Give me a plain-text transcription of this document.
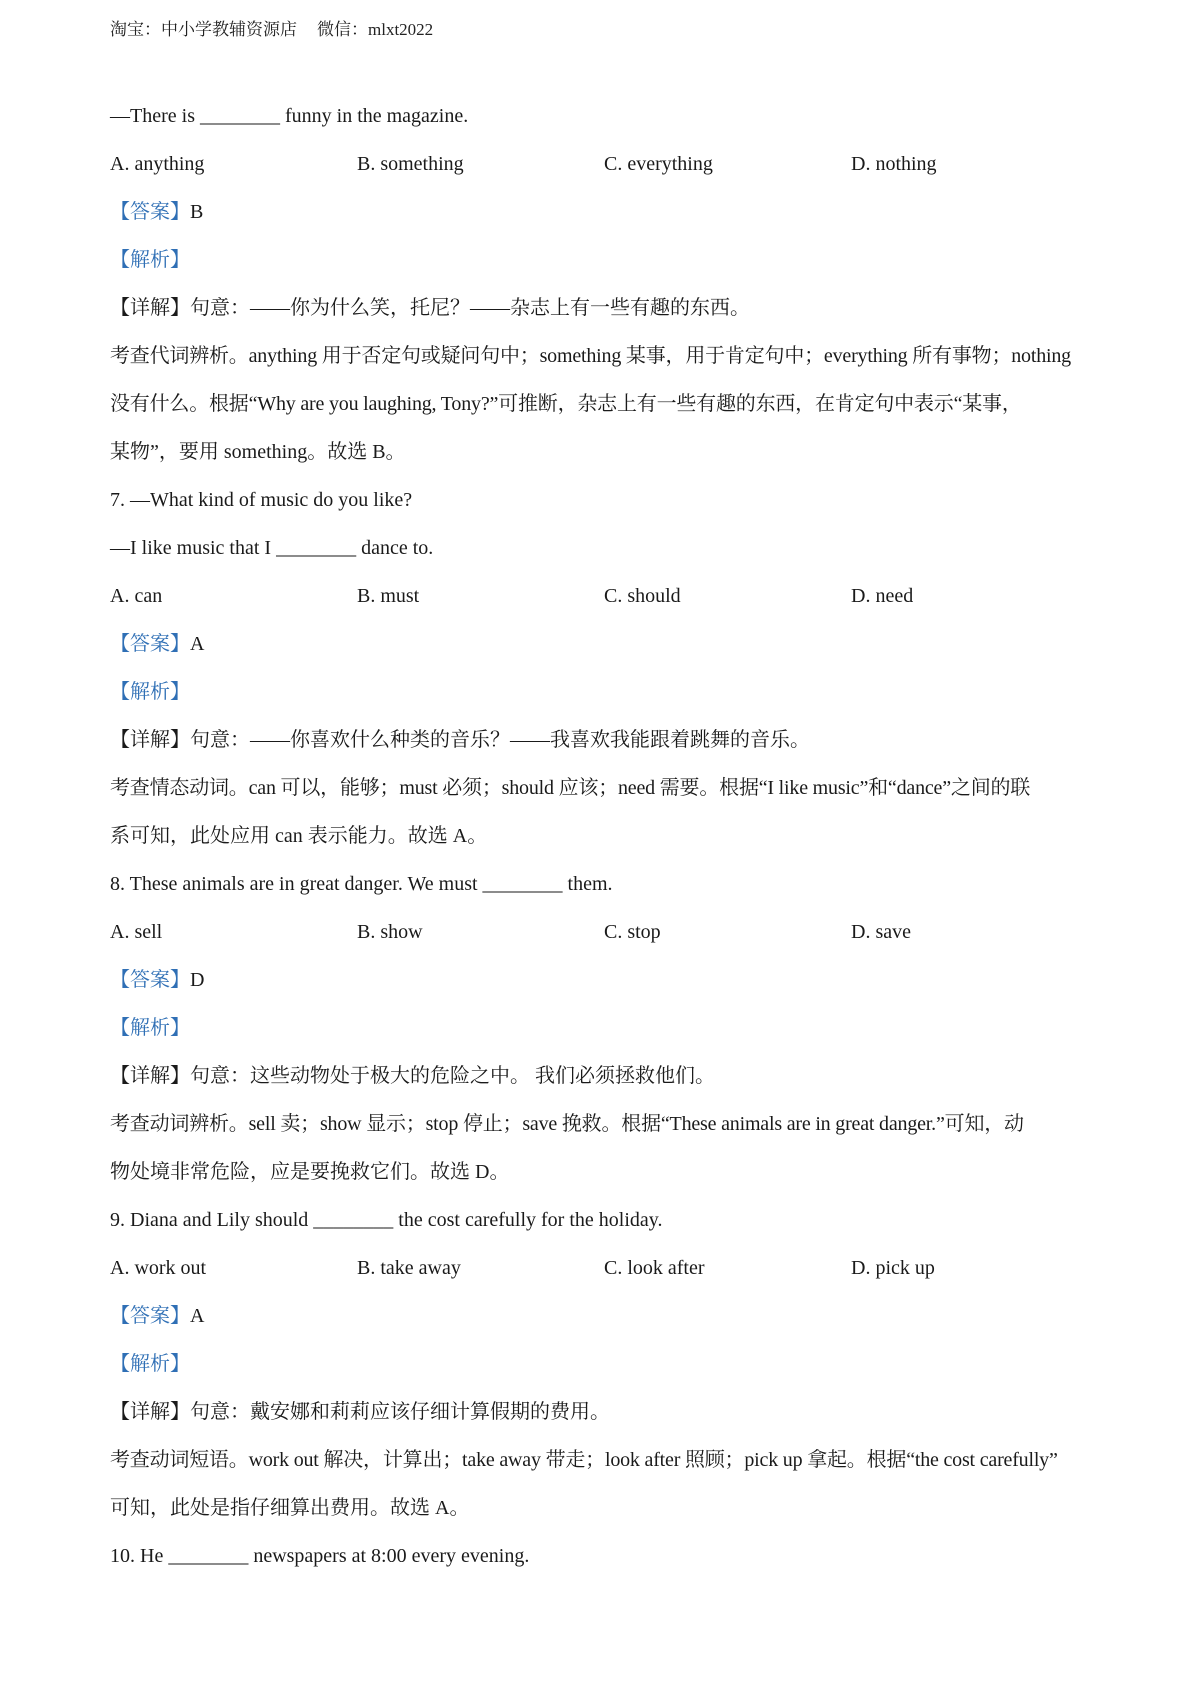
淘宝：中小学教辅资源店 微信：mlxt2022
—There is ________ funny in the magazine.
A. anything	B. something	C. everything	D. nothing
【答案】B
【解析】
【详解】句意：——你为什么笑，托尼？——杂志上有一些有趣的东西。
考查代词辨析。anything 用于否定句或疑问句中；something 某事，用于肯定句中；everything 所有事物；nothing
没有什么。根据“Why are you laughing, Tony?”可推断，杂志上有一些有趣的东西，在肯定句中表示“某事，
某物”，要用 something。故选 B。
7. —What kind of music do you like?
—I like music that I ________ dance to.
A. can	B. must	C. should	D. need
【答案】A
【解析】
【详解】句意：——你喜欢什么种类的音乐？——我喜欢我能跟着跳舞的音乐。
考查情态动词。can 可以，能够；must 必须；should 应该；need 需要。根据“I like music”和“dance”之间的联
系可知，此处应用 can 表示能力。故选 A。
8. These animals are in great danger. We must ________ them.
A. sell	B. show	C. stop	D. save
【答案】D
【解析】
【详解】句意：这些动物处于极大的危险之中。 我们必须拯救他们。
考查动词辨析。sell 卖；show 显示；stop 停止；save 挽救。根据“These animals are in great danger.”可知，动
物处境非常危险，应是要挽救它们。故选 D。
9. Diana and Lily should ________ the cost carefully for the holiday.
A. work out	B. take away	C. look after	D. pick up
【答案】A
【解析】
【详解】句意：戴安娜和莉莉应该仔细计算假期的费用。
考查动词短语。work out 解决，计算出；take away 带走；look after 照顾；pick up 拿起。根据“the cost carefully”
可知，此处是指仔细算出费用。故选 A。
10. He ________ newspapers at 8:00 every evening.
